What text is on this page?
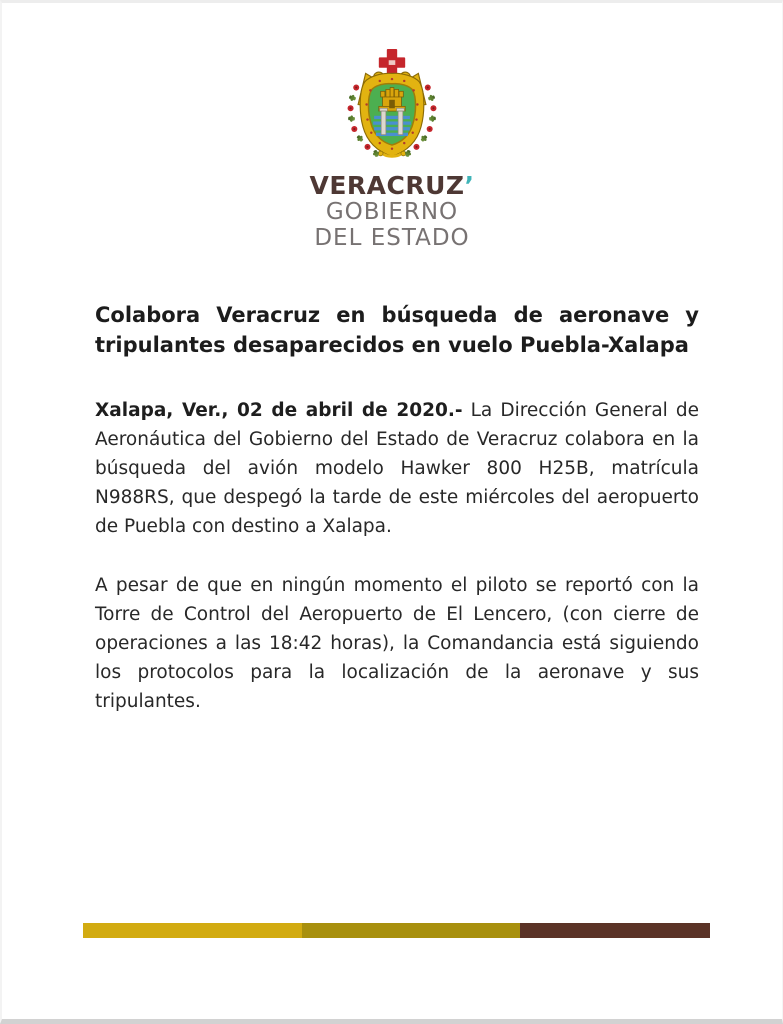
VERACRUZ’
GOBIERNO
DEL ESTADO
Colabora Veracruz en búsqueda de aeronave y tripulantes desaparecidos en vuelo Puebla-Xalapa

Xalapa, Ver., 02 de abril de 2020.- La Dirección General de Aeronáutica del Gobierno del Estado de Veracruz colabora en la búsqueda del avión modelo Hawker 800 H25B, matrícula N988RS, que despegó la tarde de este miércoles del aeropuerto de Puebla con destino a Xalapa.

A pesar de que en ningún momento el piloto se reportó con la Torre de Control del Aeropuerto de El Lencero, (con cierre de operaciones a las 18:42 horas), la Comandancia está siguiendo los protocolos para la localización de la aeronave y sus tripulantes.
